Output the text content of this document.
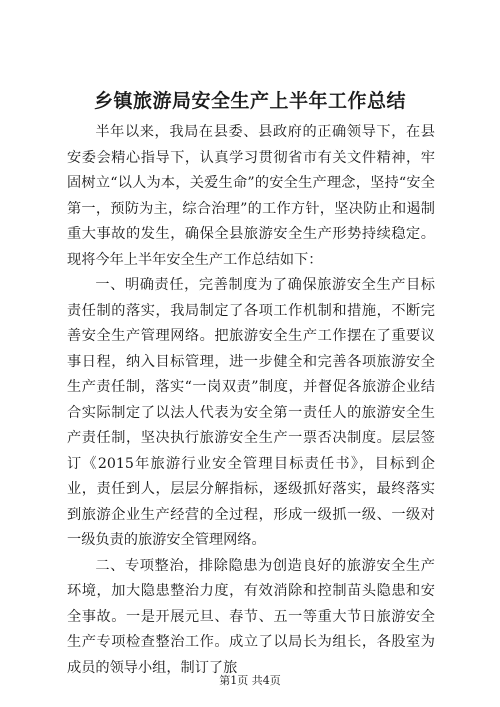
乡镇旅游局安全生产上半年工作总结

半年以来，我局在县委、县政府的正确领导下，在县安委会精心指导下，认真学习贯彻省市有关文件精神，牢固树立“以人为本，关爱生命”的安全生产理念，坚持“安全第一，预防为主，综合治理”的工作方针，坚决防止和遏制重大事故的发生，确保全县旅游安全生产形势持续稳定。现将今年上半年安全生产工作总结如下：

一、明确责任，完善制度为了确保旅游安全生产目标责任制的落实，我局制定了各项工作机制和措施，不断完善安全生产管理网络。把旅游安全生产工作摆在了重要议事日程，纳入目标管理，进一步健全和完善各项旅游安全生产责任制，落实“一岗双责”制度，并督促各旅游企业结合实际制定了以法人代表为安全第一责任人的旅游安全生产责任制，坚决执行旅游安全生产一票否决制度。层层签订《2015年旅游行业安全管理目标责任书》，目标到企业，责任到人，层层分解指标，逐级抓好落实，最终落实到旅游企业生产经营的全过程，形成一级抓一级、一级对一级负责的旅游安全管理网络。

二、专项整治，排除隐患为创造良好的旅游安全生产环境，加大隐患整治力度，有效消除和控制苗头隐患和安全事故。一是开展元旦、春节、五一等重大节日旅游安全生产专项检查整治工作。成立了以局长为组长，各股室为成员的领导小组，制订了旅

第1页 共4页
